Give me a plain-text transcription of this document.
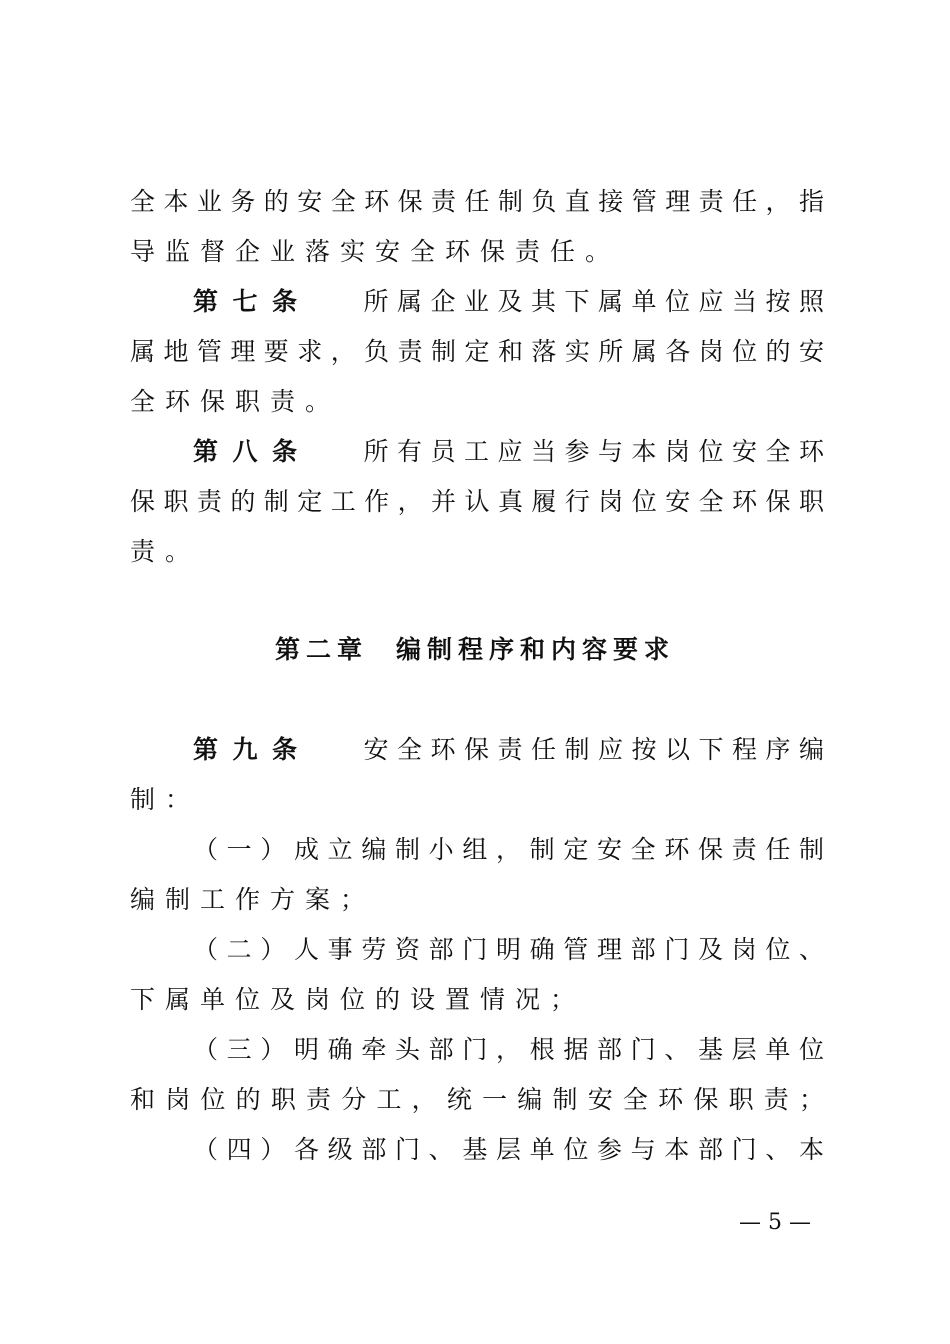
全本业务的安全环保责任制负直接管理责任，指
导监督企业落实安全环保责任。
第七条 所属企业及其下属单位应当按照
属地管理要求，负责制定和落实所属各岗位的安
全环保职责。
第八条 所有员工应当参与本岗位安全环
保职责的制定工作，并认真履行岗位安全环保职
责。
第二章 编制程序和内容要求
第九条 安全环保责任制应按以下程序编
制：
（一）成立编制小组，制定安全环保责任制
编制工作方案；
（二）人事劳资部门明确管理部门及岗位、
下属单位及岗位的设置情况；
（三）明确牵头部门，根据部门、基层单位
和岗位的职责分工，统一编制安全环保职责；
（四）各级部门、基层单位参与本部门、本
— 5 —
